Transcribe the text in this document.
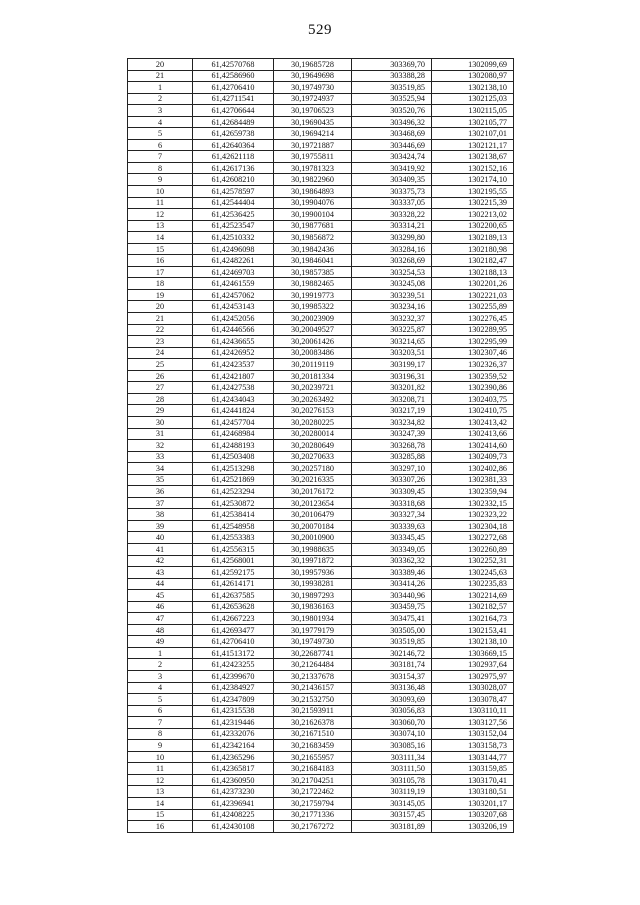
529
20	61,42570768	30,19685728	303369,70	1302099,69
21	61,42586960	30,19649698	303388,28	1302080,97
1	61,42706410	30,19749730	303519,85	1302138,10
2	61,42711541	30,19724937	303525,94	1302125,03
3	61,42706644	30,19706523	303520,76	1302115,05
4	61,42684489	30,19690435	303496,32	1302105,77
5	61,42659738	30,19694214	303468,69	1302107,01
6	61,42640364	30,19721887	303446,69	1302121,17
7	61,42621118	30,19755811	303424,74	1302138,67
8	61,42617136	30,19781323	303419,92	1302152,16
9	61,42608210	30,19822960	303409,35	1302174,10
10	61,42578597	30,19864893	303375,73	1302195,55
11	61,42544404	30,19904076	303337,05	1302215,39
12	61,42536425	30,19900104	303328,22	1302213,02
13	61,42523547	30,19877681	303314,21	1302200,65
14	61,42510332	30,19856872	303299,80	1302189,13
15	61,42496098	30,19842436	303284,16	1302180,98
16	61,42482261	30,19846041	303268,69	1302182,47
17	61,42469703	30,19857385	303254,53	1302188,13
18	61,42461559	30,19882465	303245,08	1302201,26
19	61,42457062	30,19919773	303239,51	1302221,03
20	61,42453143	30,19985322	303234,16	1302255,89
21	61,42452056	30,20023909	303232,37	1302276,45
22	61,42446566	30,20049527	303225,87	1302289,95
23	61,42436655	30,20061426	303214,65	1302295,99
24	61,42426952	30,20083486	303203,51	1302307,46
25	61,42423537	30,20119119	303199,17	1302326,37
26	61,42421807	30,20181334	303196,31	1302359,52
27	61,42427538	30,20239721	303201,82	1302390,86
28	61,42434043	30,20263492	303208,71	1302403,75
29	61,42441824	30,20276153	303217,19	1302410,75
30	61,42457704	30,20280225	303234,82	1302413,42
31	61,42468984	30,20280014	303247,39	1302413,66
32	61,42488193	30,20280649	303268,78	1302414,60
33	61,42503408	30,20270633	303285,88	1302409,73
34	61,42513298	30,20257180	303297,10	1302402,86
35	61,42521869	30,20216335	303307,26	1302381,33
36	61,42523294	30,20176172	303309,45	1302359,94
37	61,42530872	30,20123654	303318,68	1302332,15
38	61,42538414	30,20106479	303327,34	1302323,22
39	61,42548958	30,20070184	303339,63	1302304,18
40	61,42553383	30,20010900	303345,45	1302272,68
41	61,42556315	30,19988635	303349,05	1302260,89
42	61,42568001	30,19971872	303362,32	1302252,31
43	61,42592175	30,19957936	303389,46	1302245,63
44	61,42614171	30,19938281	303414,26	1302235,83
45	61,42637585	30,19897293	303440,96	1302214,69
46	61,42653628	30,19836163	303459,75	1302182,57
47	61,42667223	30,19801934	303475,41	1302164,73
48	61,42693477	30,19779179	303505,00	1302153,41
49	61,42706410	30,19749730	303519,85	1302138,10
1	61,41513172	30,22687741	302146,72	1303669,15
2	61,42423255	30,21264484	303181,74	1302937,64
3	61,42399670	30,21337678	303154,37	1302975,97
4	61,42384927	30,21436157	303136,48	1303028,07
5	61,42347809	30,21532750	303093,69	1303078,47
6	61,42315538	30,21593911	303056,83	1303110,11
7	61,42319446	30,21626378	303060,70	1303127,56
8	61,42332076	30,21671510	303074,10	1303152,04
9	61,42342164	30,21683459	303085,16	1303158,73
10	61,42365296	30,21655957	303111,34	1303144,77
11	61,42365817	30,21684183	303111,50	1303159,85
12	61,42360950	30,21704251	303105,78	1303170,41
13	61,42373230	30,21722462	303119,19	1303180,51
14	61,42396941	30,21759794	303145,05	1303201,17
15	61,42408225	30,21771336	303157,45	1303207,68
16	61,42430108	30,21767272	303181,89	1303206,19
